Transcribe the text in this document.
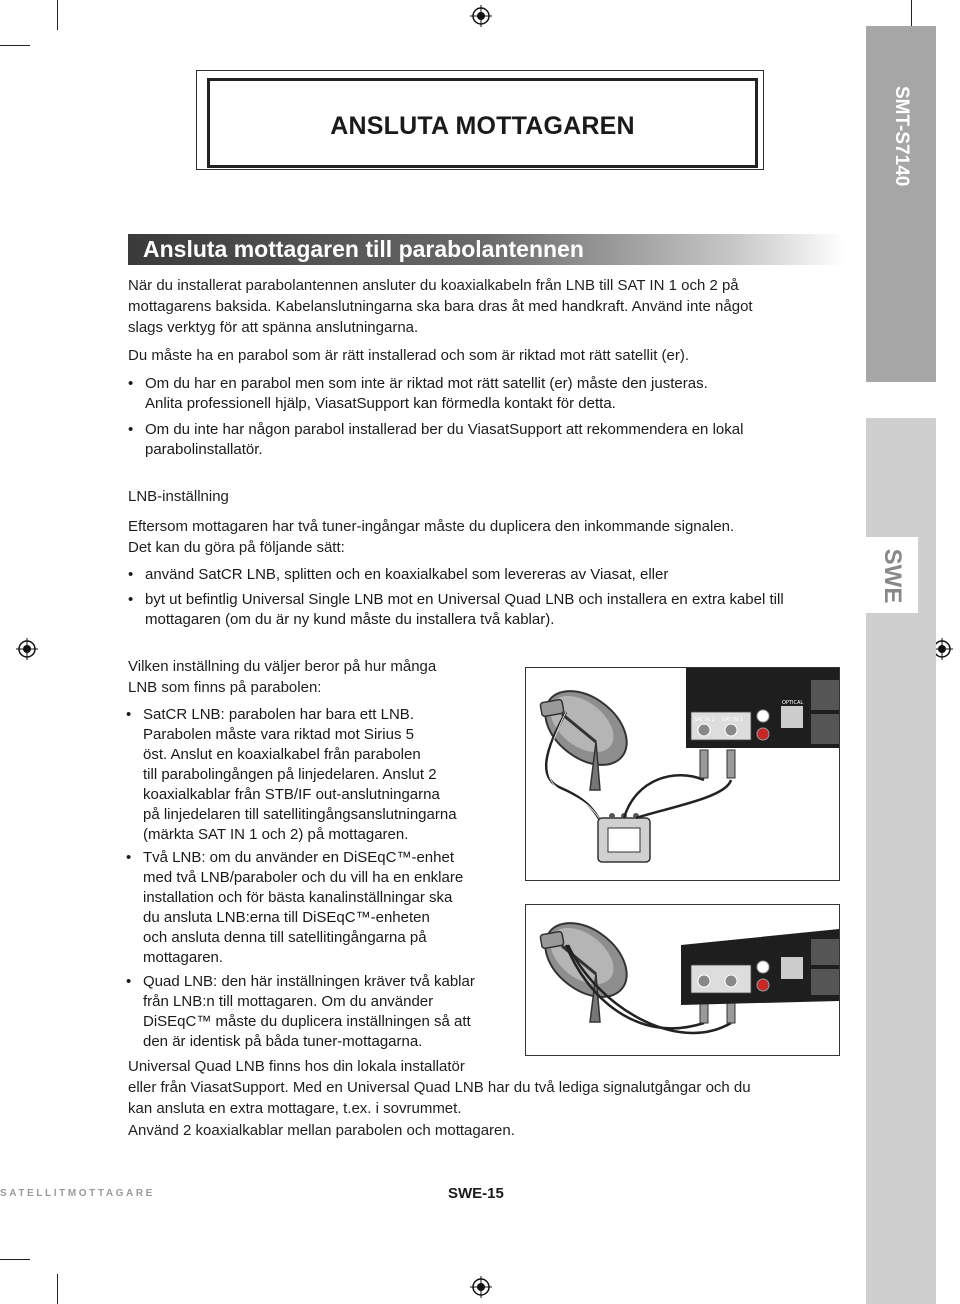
SMT-S7140
SWE
ANSLUTA MOTTAGAREN
Ansluta mottagaren till parabolantennen
När du installerat parabolantennen ansluter du koaxialkabeln från LNB till SAT IN 1 och 2 på
mottagarens baksida. Kabelanslutningarna ska bara dras åt med handkraft. Använd inte något
slags verktyg för att spänna anslutningarna.
Du måste ha en parabol som är rätt installerad och som är riktad mot rätt satellit (er).
• Om du har en parabol men som inte är riktad mot rätt satellit (er) måste den justeras.
Anlita professionell hjälp, ViasatSupport kan förmedla kontakt för detta.
• Om du inte har någon parabol installerad ber du ViasatSupport att rekommendera en lokal
parabolinstallatör.
LNB-inställning
Eftersom mottagaren har två tuner-ingångar måste du duplicera den inkommande signalen.
Det kan du göra på följande sätt:
• använd SatCR LNB, splitten och en koaxialkabel som levereras av Viasat, eller
• byt ut befintlig Universal Single LNB mot en Universal Quad LNB och installera en extra kabel till
mottagaren (om du är ny kund måste du installera två kablar).
Vilken inställning du väljer beror på hur många
LNB som finns på parabolen:
• SatCR LNB: parabolen har bara ett LNB.
Parabolen måste vara riktad mot Sirius 5
öst. Anslut en koaxialkabel från parabolen
till parabolingången på linjedelaren. Anslut 2
koaxialkablar från STB/IF out-anslutningarna
på linjedelaren till satellitingångsanslutningarna
(märkta SAT IN 1 och 2) på mottagaren.
• Två LNB: om du använder en DiSEqC™-enhet
med två LNB/paraboler och du vill ha en enklare
installation och för bästa kanalinställningar ska
du ansluta LNB:erna till DiSEqC™-enheten
och ansluta denna till satellitingångarna på
mottagaren.
• Quad LNB: den här inställningen kräver två kablar
från LNB:n till mottagaren. Om du använder
DiSEqC™ måste du duplicera inställningen så att
den är identisk på båda tuner-mottagarna.
Universal Quad LNB finns hos din lokala installatör
eller från ViasatSupport. Med en Universal Quad LNB har du två lediga signalutgångar och du
kan ansluta en extra mottagare, t.ex. i sovrummet.
Använd 2 koaxialkablar mellan parabolen och mottagaren.
SAT IN 2 SAT IN 1
OPTICAL
SATELLITMOTTAGARE	SWE-15
